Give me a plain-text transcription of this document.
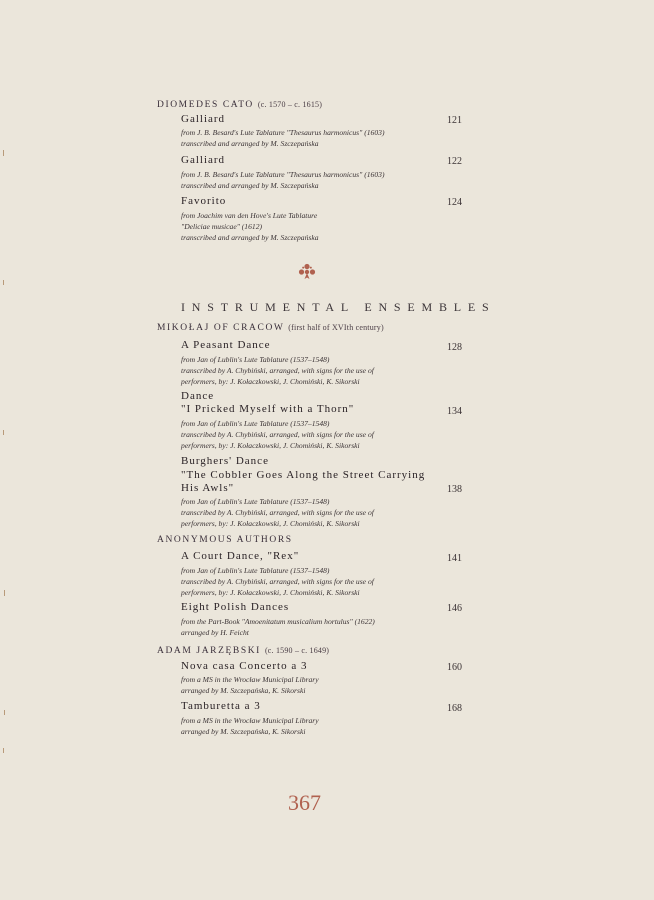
DIOMEDES CATO (c. 1570 – c. 1615)
Galliard	121
from J. B. Besard's Lute Tablature "Thesaurus harmonicus" (1603)
transcribed and arranged by M. Szczepańska
Galliard	122
from J. B. Besard's Lute Tablature "Thesaurus harmonicus" (1603)
transcribed and arranged by M. Szczepańska
Favorito	124
from Joachim van den Hove's Lute Tablature
"Deliciae musicae" (1612)
transcribed and arranged by M. Szczepańska
INSTRUMENTAL ENSEMBLES
MIKOŁAJ OF CRACOW (first half of XVIth century)
A Peasant Dance	128
from Jan of Lublin's Lute Tablature (1537–1548)
transcribed by A. Chybiński, arranged, with signs for the use of
performers, by: J. Kołaczkowski, J. Chomiński, K. Sikorski
Dance
"I Pricked Myself with a Thorn"	134
from Jan of Lublin's Lute Tablature (1537–1548)
transcribed by A. Chybiński, arranged, with signs for the use of
performers, by: J. Kołaczkowski, J. Chomiński, K. Sikorski
Burghers' Dance
"The Cobbler Goes Along the Street Carrying
His Awls"	138
from Jan of Lublin's Lute Tablature (1537–1548)
transcribed by A. Chybiński, arranged, with signs for the use of
performers, by: J. Kołaczkowski, J. Chomiński, K. Sikorski
ANONYMOUS AUTHORS
A Court Dance, "Rex"	141
from Jan of Lublin's Lute Tablature (1537–1548)
transcribed by A. Chybiński, arranged, with signs for the use of
performers, by: J. Kołaczkowski, J. Chomiński, K. Sikorski
Eight Polish Dances	146
from the Part-Book "Amoenitatum musicalium hortulus" (1622)
arranged by H. Feicht
ADAM JARZĘBSKI (c. 1590 – c. 1649)
Nova casa Concerto a 3	160
from a MS in the Wrocław Municipal Library
arranged by M. Szczepańska, K. Sikorski
Tamburetta a 3	168
from a MS in the Wrocław Municipal Library
arranged by M. Szczepańska, K. Sikorski
367
